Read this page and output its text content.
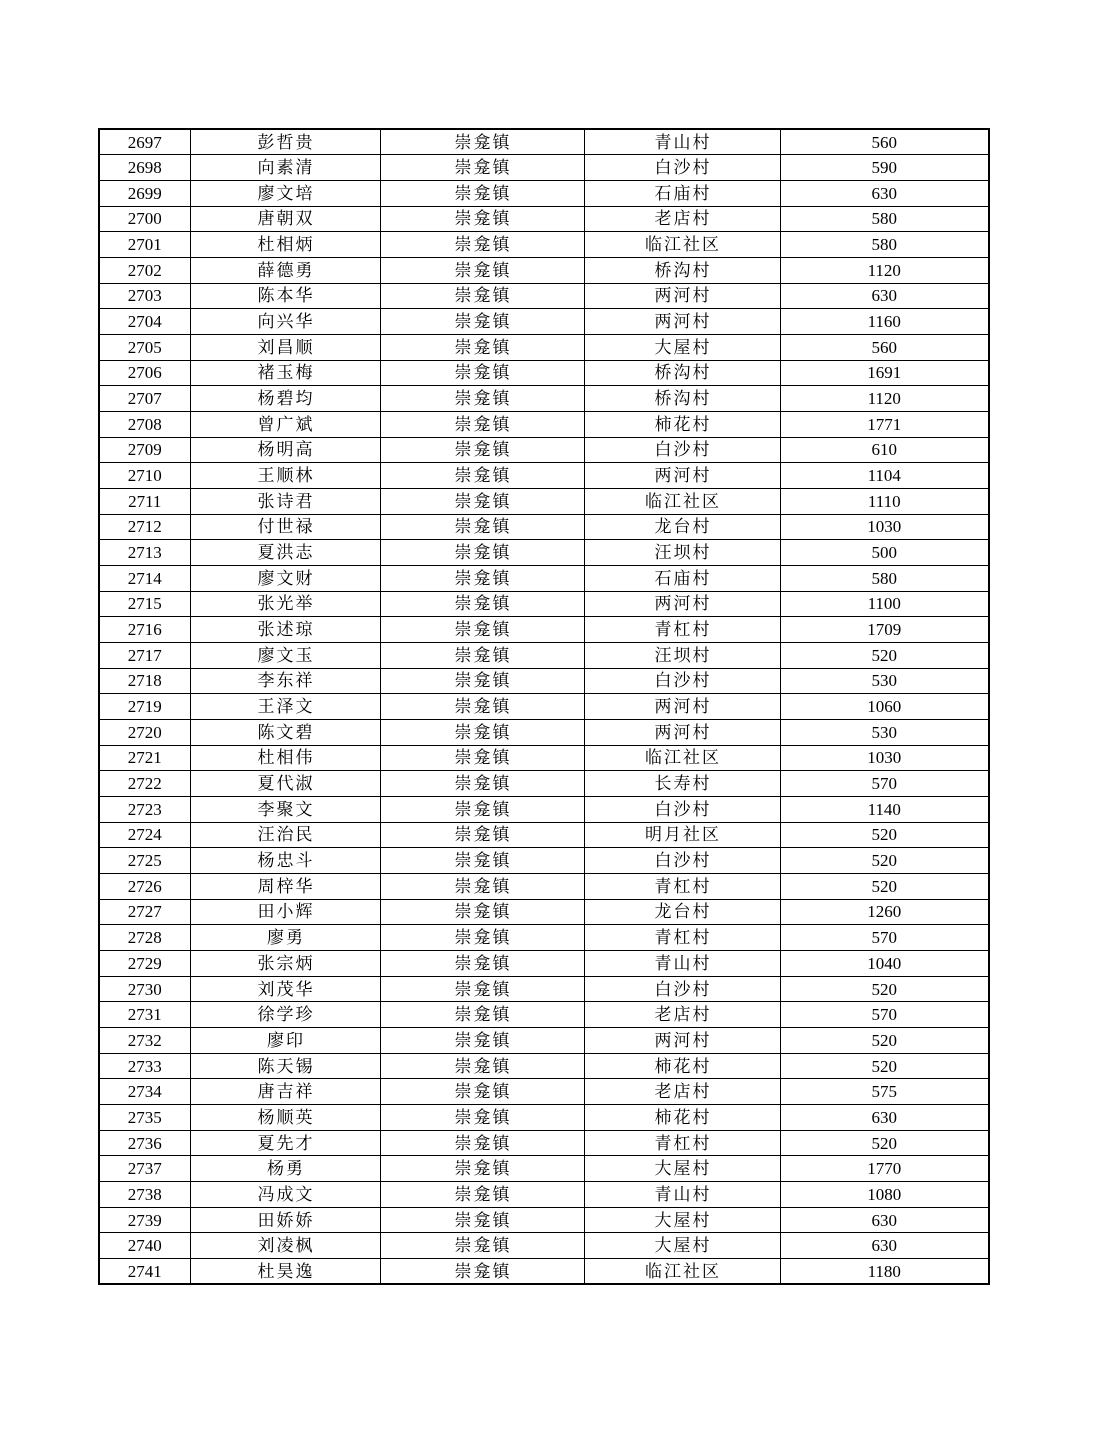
2697	彭哲贵	崇龛镇	青山村	560
2698	向素清	崇龛镇	白沙村	590
2699	廖文培	崇龛镇	石庙村	630
2700	唐朝双	崇龛镇	老店村	580
2701	杜相炳	崇龛镇	临江社区	580
2702	薛德勇	崇龛镇	桥沟村	1120
2703	陈本华	崇龛镇	两河村	630
2704	向兴华	崇龛镇	两河村	1160
2705	刘昌顺	崇龛镇	大屋村	560
2706	褚玉梅	崇龛镇	桥沟村	1691
2707	杨碧均	崇龛镇	桥沟村	1120
2708	曾广斌	崇龛镇	柿花村	1771
2709	杨明高	崇龛镇	白沙村	610
2710	王顺林	崇龛镇	两河村	1104
2711	张诗君	崇龛镇	临江社区	1110
2712	付世禄	崇龛镇	龙台村	1030
2713	夏洪志	崇龛镇	汪坝村	500
2714	廖文财	崇龛镇	石庙村	580
2715	张光举	崇龛镇	两河村	1100
2716	张述琼	崇龛镇	青杠村	1709
2717	廖文玉	崇龛镇	汪坝村	520
2718	李东祥	崇龛镇	白沙村	530
2719	王泽文	崇龛镇	两河村	1060
2720	陈文碧	崇龛镇	两河村	530
2721	杜相伟	崇龛镇	临江社区	1030
2722	夏代淑	崇龛镇	长寿村	570
2723	李聚文	崇龛镇	白沙村	1140
2724	汪治民	崇龛镇	明月社区	520
2725	杨忠斗	崇龛镇	白沙村	520
2726	周梓华	崇龛镇	青杠村	520
2727	田小辉	崇龛镇	龙台村	1260
2728	廖勇	崇龛镇	青杠村	570
2729	张宗炳	崇龛镇	青山村	1040
2730	刘茂华	崇龛镇	白沙村	520
2731	徐学珍	崇龛镇	老店村	570
2732	廖印	崇龛镇	两河村	520
2733	陈天锡	崇龛镇	柿花村	520
2734	唐吉祥	崇龛镇	老店村	575
2735	杨顺英	崇龛镇	柿花村	630
2736	夏先才	崇龛镇	青杠村	520
2737	杨勇	崇龛镇	大屋村	1770
2738	冯成文	崇龛镇	青山村	1080
2739	田娇娇	崇龛镇	大屋村	630
2740	刘凌枫	崇龛镇	大屋村	630
2741	杜昊逸	崇龛镇	临江社区	1180
